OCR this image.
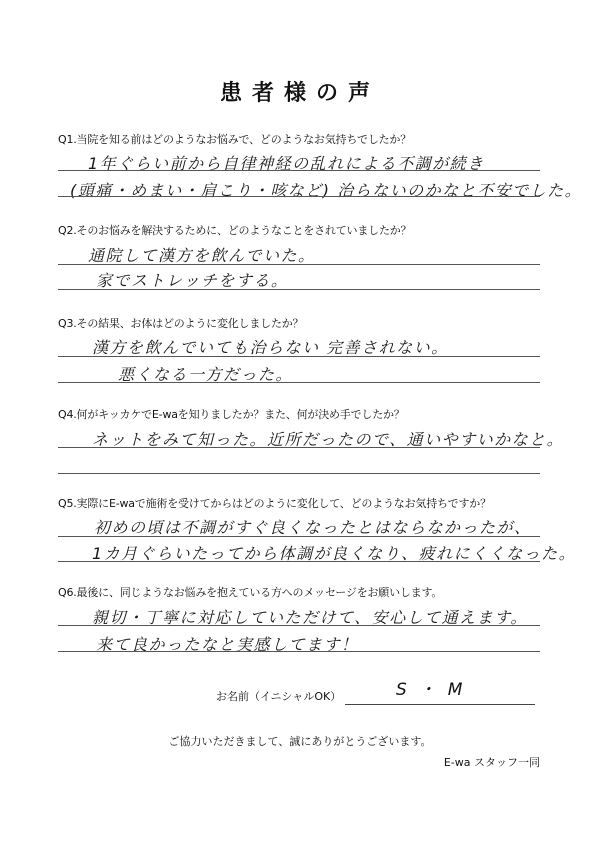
患者様の声
Q1.当院を知る前はどのようなお悩みで、どのようなお気持ちでしたか？
1年ぐらい前から自律神経の乱れによる不調が続き
(頭痛・めまい・肩こり・咳など) 治らないのかなと不安でした。
Q2.そのお悩みを解決するために、どのようなことをされていましたか？
通院して漢方を飲んでいた。
家でストレッチをする。
Q3.その結果、お体はどのように変化しましたか？
漢方を飲んでいても治らない 完善されない。
悪くなる一方だった。
Q4.何がキッカケでE-waを知りましたか？また、何が決め手でしたか？
ネットをみて知った。近所だったので、通いやすいかなと。
Q5.実際にE-waで施術を受けてからはどのように変化して、どのようなお気持ちですか？
初めの頃は不調がすぐ良くなったとはならなかったが、
1カ月ぐらいたってから体調が良くなり、疲れにくくなった。
Q6.最後に、同じようなお悩みを抱えている方へのメッセージをお願いします。
親切・丁寧に対応していただけて、安心して通えます。
来て良かったなと実感してます！
お名前（イニシャルOK）	S・M
ご協力いただきまして、誠にありがとうございます。
E-wa スタッフ一同
